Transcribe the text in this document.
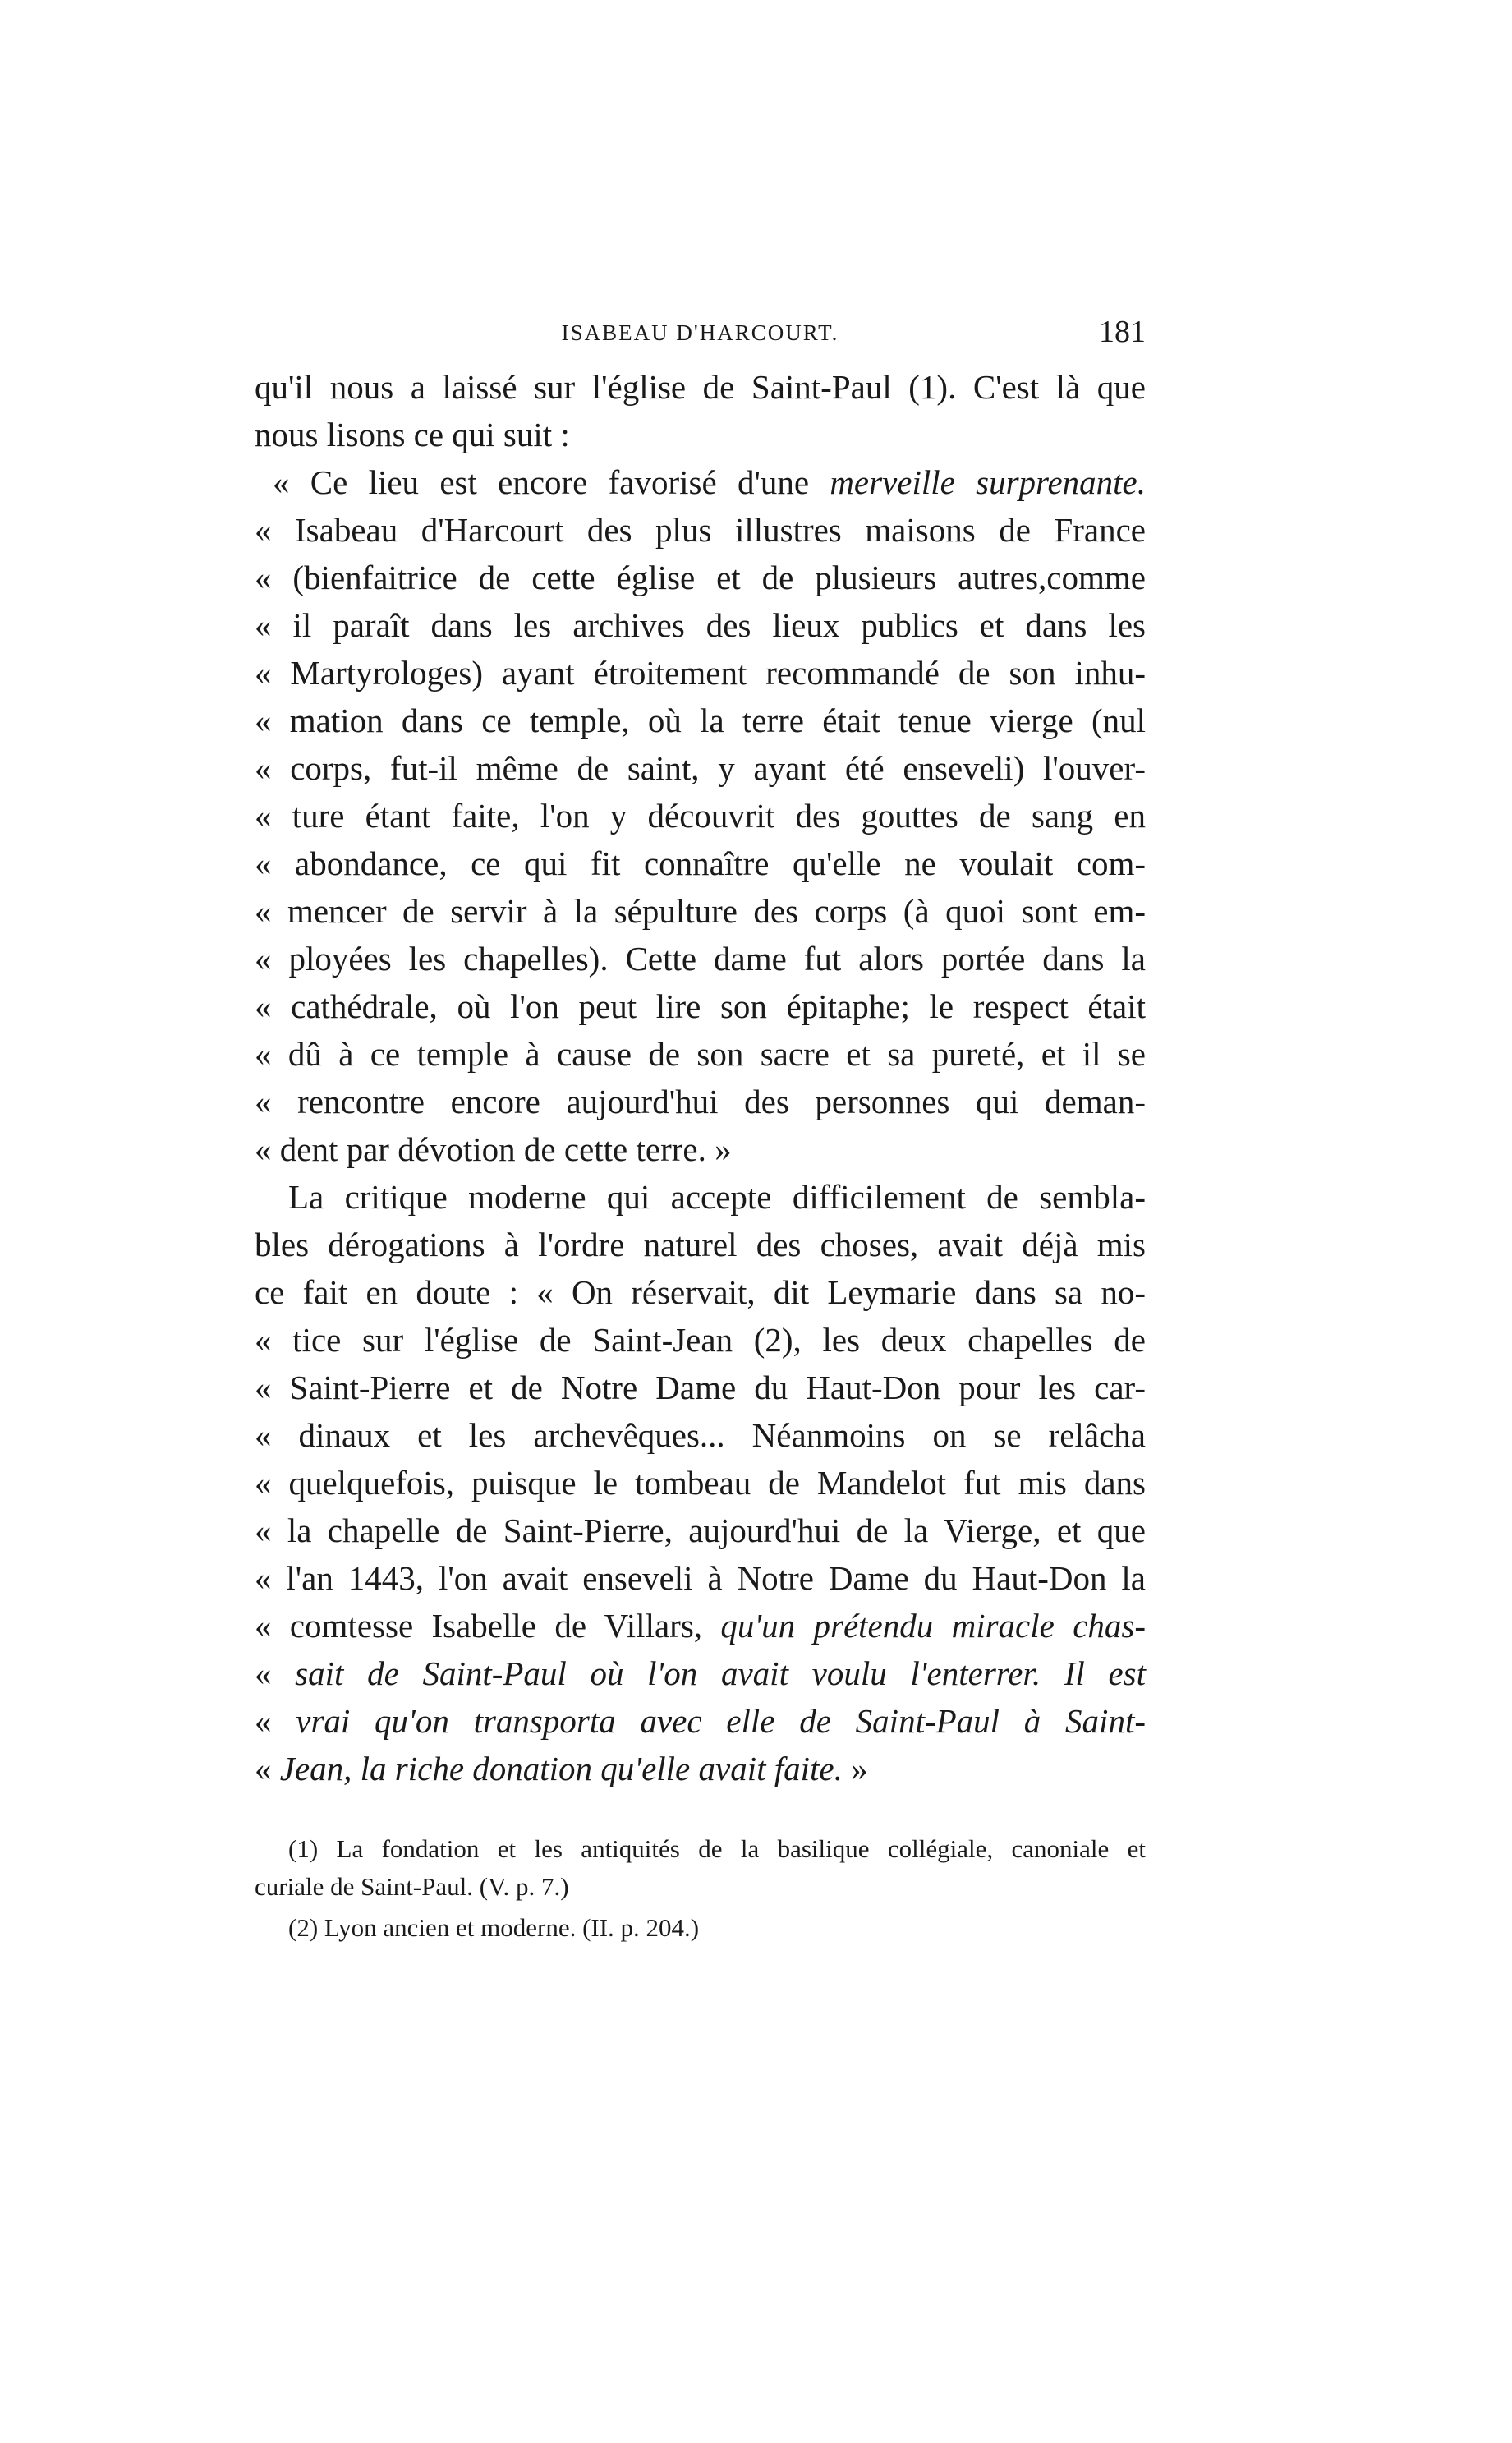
ISABEAU D'HARCOURT.	181
qu'il nous a laissé sur l'église de Saint-Paul (1). C'est là que
nous lisons ce qui suit :
« Ce lieu est encore favorisé d'une merveille surprenante.
« Isabeau d'Harcourt des plus illustres maisons de France
« (bienfaitrice de cette église et de plusieurs autres,comme
« il paraît dans les archives des lieux publics et dans les
« Martyrologes) ayant étroitement recommandé de son inhu-
« mation dans ce temple, où la terre était tenue vierge (nul
« corps, fut-il même de saint, y ayant été enseveli) l'ouver-
« ture étant faite, l'on y découvrit des gouttes de sang en
« abondance, ce qui fit connaître qu'elle ne voulait com-
« mencer de servir à la sépulture des corps (à quoi sont em-
« ployées les chapelles). Cette dame fut alors portée dans la
« cathédrale, où l'on peut lire son épitaphe; le respect était
« dû à ce temple à cause de son sacre et sa pureté, et il se
« rencontre encore aujourd'hui des personnes qui deman-
« dent par dévotion de cette terre. »
La critique moderne qui accepte difficilement de sembla-
bles dérogations à l'ordre naturel des choses, avait déjà mis
ce fait en doute : « On réservait, dit Leymarie dans sa no-
« tice sur l'église de Saint-Jean (2), les deux chapelles de
« Saint-Pierre et de Notre Dame du Haut-Don pour les car-
« dinaux et les archevêques... Néanmoins on se relâcha
« quelquefois, puisque le tombeau de Mandelot fut mis dans
« la chapelle de Saint-Pierre, aujourd'hui de la Vierge, et que
« l'an 1443, l'on avait enseveli à Notre Dame du Haut-Don la
« comtesse Isabelle de Villars, qu'un prétendu miracle chas-
« sait de Saint-Paul où l'on avait voulu l'enterrer. Il est
« vrai qu'on transporta avec elle de Saint-Paul à Saint-
« Jean, la riche donation qu'elle avait faite. »
(1) La fondation et les antiquités de la basilique collégiale, canoniale et
curiale de Saint-Paul. (V. p. 7.)
(2) Lyon ancien et moderne. (II. p. 204.)
